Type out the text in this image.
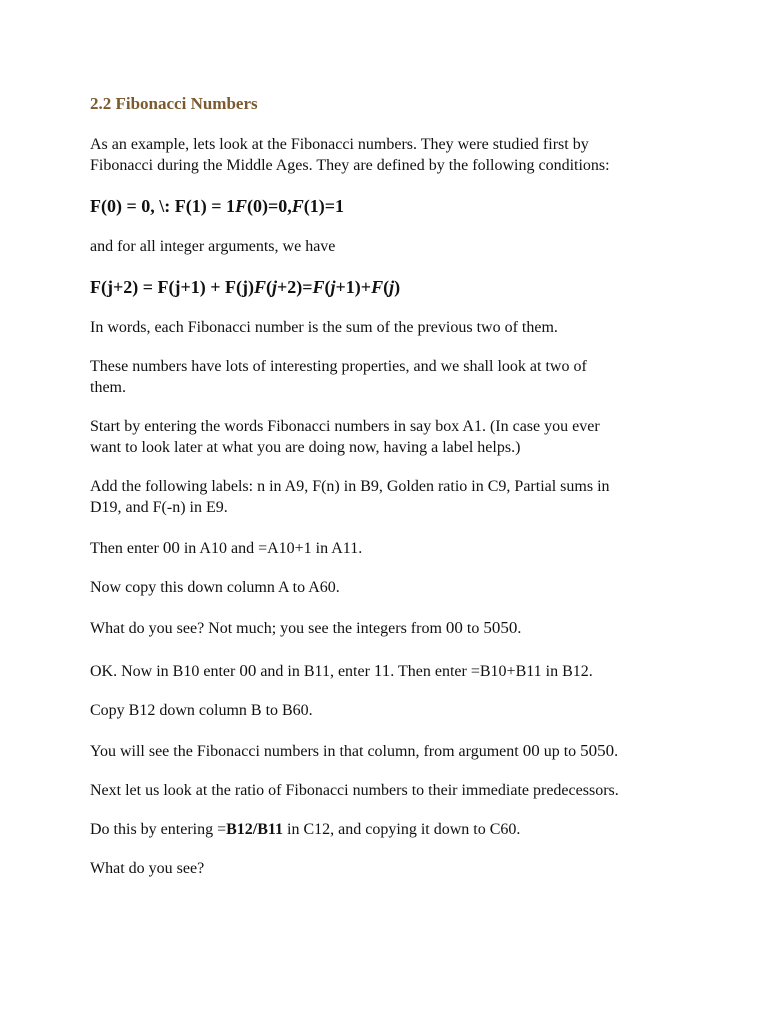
2.2 Fibonacci Numbers
As an example, lets look at the Fibonacci numbers. They were studied first by
Fibonacci during the Middle Ages. They are defined by the following conditions:
F(0) = 0, \: F(1) = 1F(0)=0,F(1)=1
and for all integer arguments, we have
F(j+2) = F(j+1) + F(j)F(j+2)=F(j+1)+F(j)
In words, each Fibonacci number is the sum of the previous two of them.
These numbers have lots of interesting properties, and we shall look at two of
them.
Start by entering the words Fibonacci numbers in say box A1. (In case you ever
want to look later at what you are doing now, having a label helps.)
Add the following labels: n in A9, F(n) in B9, Golden ratio in C9, Partial sums in
D19, and F(-n) in E9.
Then enter 00 in A10 and =A10+1 in A11.
Now copy this down column A to A60.
What do you see? Not much; you see the integers from 00 to 5050.
OK. Now in B10 enter 00 and in B11, enter 11. Then enter =B10+B11 in B12.
Copy B12 down column B to B60.
You will see the Fibonacci numbers in that column, from argument 00 up to 5050.
Next let us look at the ratio of Fibonacci numbers to their immediate predecessors.
Do this by entering =B12/B11 in C12, and copying it down to C60.
What do you see?
